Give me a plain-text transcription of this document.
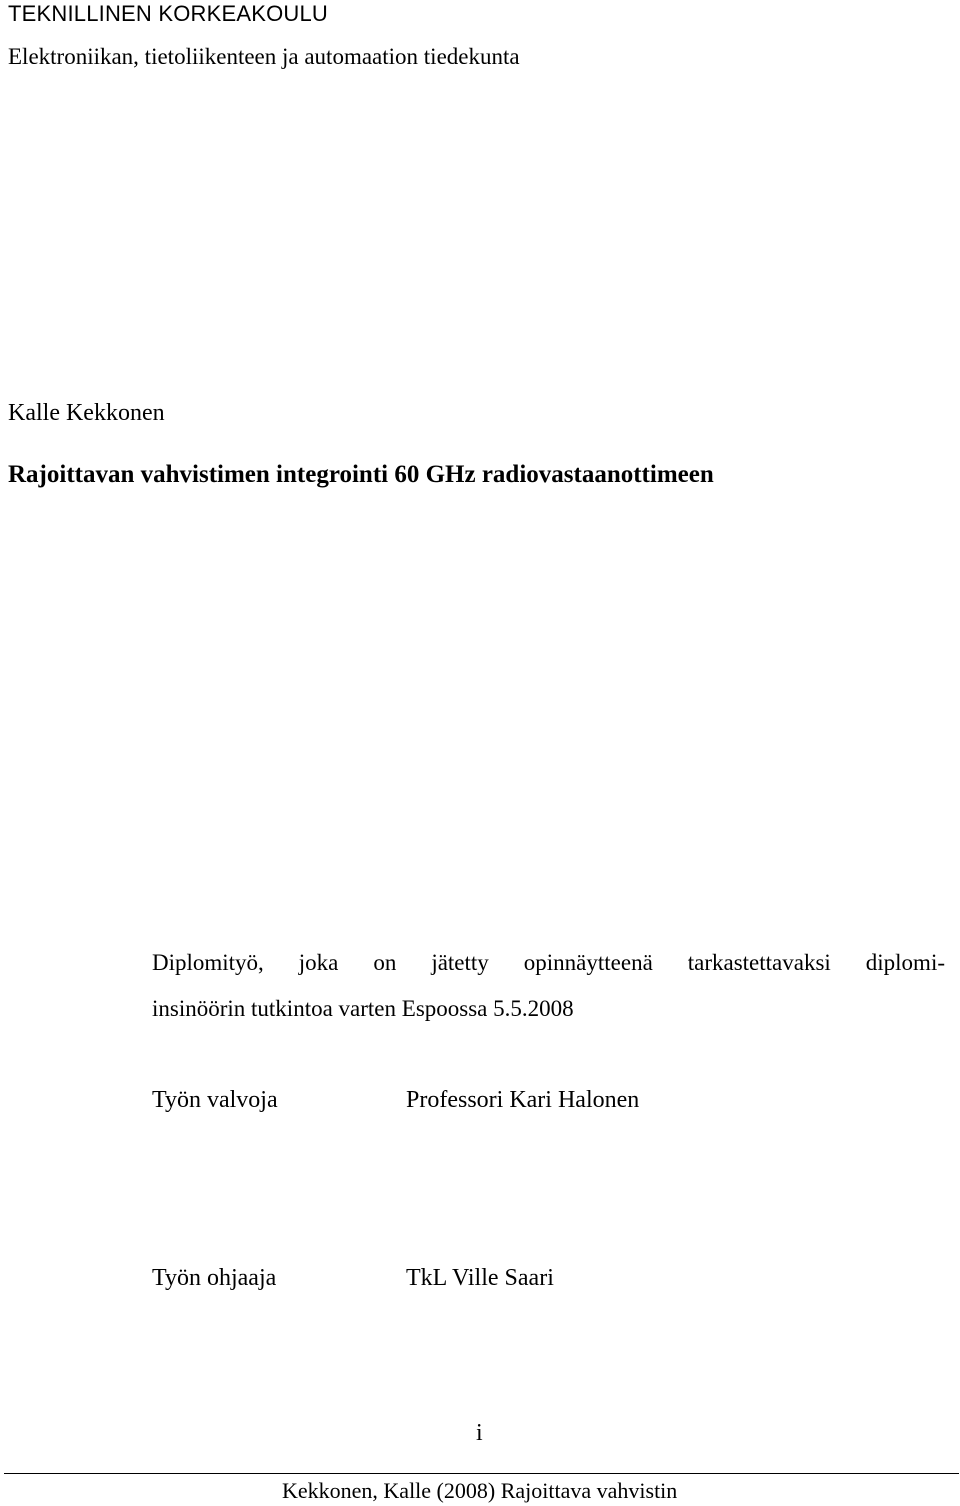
TEKNILLINEN KORKEAKOULU
Elektroniikan, tietoliikenteen ja automaation tiedekunta
Kalle Kekkonen
Rajoittavan vahvistimen integrointi 60 GHz radiovastaanottimeen
Diplomityö, joka on jätetty opinnäytteenä tarkastettavaksi diplomi-
insinöörin tutkintoa varten Espoossa 5.5.2008
Työn valvoja	Professori Kari Halonen
Työn ohjaaja	TkL Ville Saari
i
Kekkonen, Kalle (2008) Rajoittava vahvistin
